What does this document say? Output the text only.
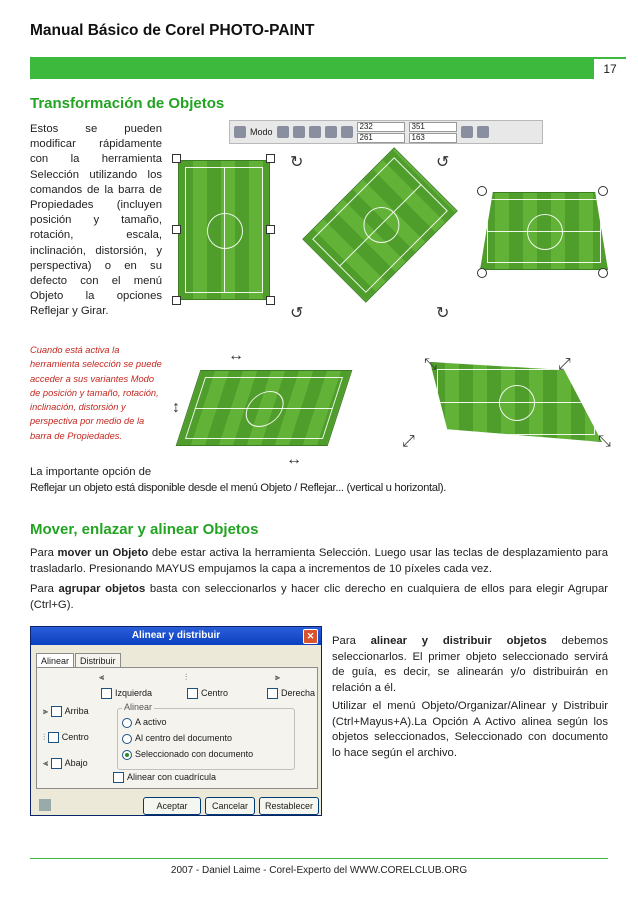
Manual Básico de Corel PHOTO-PAINT
17
Transformación de Objetos
Estos se pueden modificar rápidamente con la herramienta Selección utilizando los comandos de la barra de Propiedades (incluyen posición y tamaño, rotación, escala, inclinación, distorsión, y perspectiva) o en su defecto con el menú Objeto la opciones Reflejar y Girar.
Cuando está activa la herramienta selección se puede acceder a sus variantes Modo de posición y tamaño, rotación, inclinación, distorsión y perspectiva por medio de la barra de Propiedades.
Modo
232
261
351
163
↻	↺
↺	↻
↔
↔
↕
⤡	⤢
⤢	⤡
La importante opción de
Reflejar un objeto está disponible desde el menú Objeto / Reflejar... (vertical u horizontal).
Mover, enlazar y alinear Objetos
Para mover un Objeto debe estar activa la herramienta Selección. Luego usar las teclas de desplazamiento para trasladarlo. Presionando MAYUS empujamos la capa a incrementos de 10 píxeles cada vez.
Para agrupar objetos basta con seleccionarlos y hacer clic derecho en cualquiera de ellos para elegir Agrupar (Ctrl+G).
Alinear y distribuir	✕
Alinear	Distribuir
⫷	⫶	⫸
Izquierda	Centro	Derecha
⫸ Arriba
⫶ Centro
⫷ Abajo
Alinear
A activo
Al centro del documento
Seleccionado con documento
Alinear con cuadrícula
Aceptar	Cancelar	Restablecer
Para alinear y distribuir objetos debemos seleccionarlos. El primer objeto seleccionado servirá de guía, es decir, se alinearán y/o distribuirán en relación a él.
Utilizar el menú Objeto/Organizar/Alinear y Distribuir (Ctrl+Mayus+A).La Opción A Activo alinea según los objetos seleccionados, Seleccionado con documento lo hace según el archivo.
2007 - Daniel Laime - Corel-Experto del WWW.CORELCLUB.ORG
